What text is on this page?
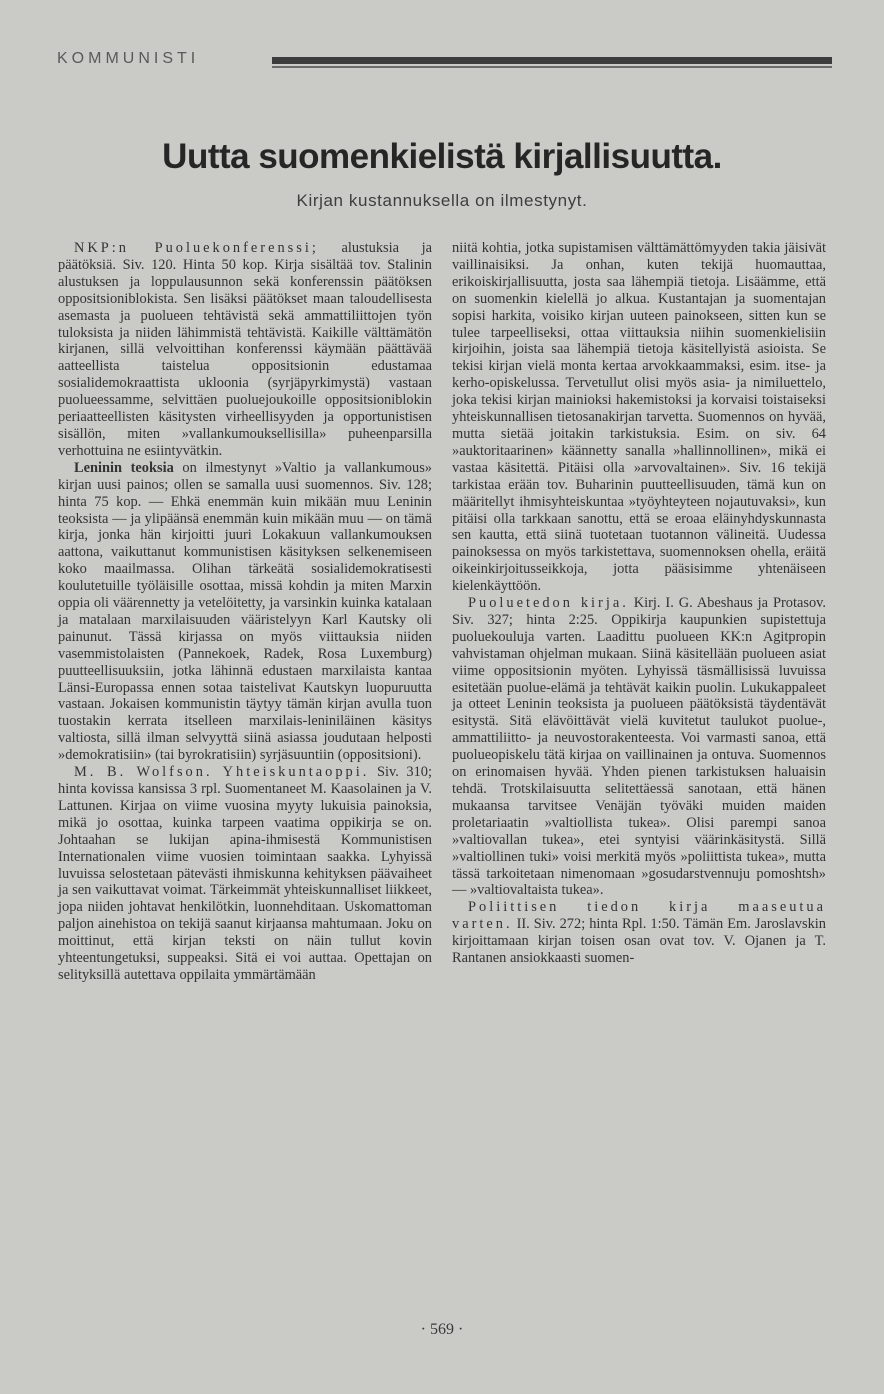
KOMMUNISTI
Uutta suomenkielistä kirjallisuutta.
Kirjan kustannuksella on ilmestynyt.

NKP:n Puoluekonferenssi; alustuksia ja päätöksiä. Siv. 120. Hinta 50 kop. Kirja sisältää tov. Stalinin alustuksen ja loppulausunnon sekä konferenssin päätöksen oppositsioniblokista. Sen lisäksi päätökset maan taloudellisesta asemasta ja puolueen tehtävistä sekä ammattiliittojen työn tuloksista ja niiden lähimmistä tehtävistä. Kaikille välttämätön kirjanen, sillä velvoittihan konferenssi käymään päättävää aatteellista taistelua oppositsionin edustamaa sosialidemokraattista ukloonia (syrjäpyrkimystä) vastaan puolueessamme, selvittäen puoluejoukoille oppositsioniblokin periaatteellisten käsitysten virheellisyyden ja opportunistisen sisällön, miten »vallankumouksellisilla» puheenparsilla verhottuina ne esiintyvätkin.

Leninin teoksia on ilmestynyt »Valtio ja vallankumous» kirjan uusi painos; ollen se samalla uusi suomennos. Siv. 128; hinta 75 kop. — Ehkä enemmän kuin mikään muu Leninin teoksista — ja ylipäänsä enemmän kuin mikään muu — on tämä kirja, jonka hän kirjoitti juuri Lokakuun vallankumouksen aattona, vaikuttanut kommunistisen käsityksen selkenemiseen koko maailmassa. Olihan tärkeätä sosialidemokratisesti koulutetuille työläisille osottaa, missä kohdin ja miten Marxin oppia oli väärennetty ja vetelöitetty, ja varsinkin kuinka katalaan ja matalaan marxilaisuuden vääristelyyn Karl Kautsky oli painunut. Tässä kirjassa on myös viittauksia niiden vasemmistolaisten (Pannekoek, Radek, Rosa Luxemburg) puutteellisuuksiin, jotka lähinnä edustaen marxilaista kantaa Länsi-Europassa ennen sotaa taistelivat Kautskyn luopuruutta vastaan. Jokaisen kommunistin täytyy tämän kirjan avulla tuon tuostakin kerrata itselleen marxilais-leniniläinen käsitys valtiosta, sillä ilman selvyyttä siinä asiassa joudutaan helposti »demokratisiin» (tai byrokratisiin) syrjäsuuntiin (oppositsioni).

M. B. Wolfson. Yhteiskuntaoppi. Siv. 310; hinta kovissa kansissa 3 rpl. Suomentaneet M. Kaasolainen ja V. Lattunen. Kirjaa on viime vuosina myyty lukuisia painoksia, mikä jo osottaa, kuinka tarpeen vaatima oppikirja se on. Johtaahan se lukijan apina-ihmisestä Kommunistisen Internationalen viime vuosien toimintaan saakka. Lyhyissä luvuissa selostetaan pätevästi ihmiskunna kehityksen päävaiheet ja sen vaikuttavat voimat. Tärkeimmät yhteiskunnalliset liikkeet, jopa niiden johtavat henkilötkin, luonnehditaan. Uskomattoman paljon ainehistoa on tekijä saanut kirjaansa mahtumaan. Joku on moittinut, että kirjan teksti on näin tullut kovin yhteentungetuksi, suppeaksi. Sitä ei voi auttaa. Opettajan on selityksillä autettava oppilaita ymmärtämään

niitä kohtia, jotka supistamisen välttämättömyyden takia jäisivät vaillinaisiksi. Ja onhan, kuten tekijä huomauttaa, erikoiskirjallisuutta, josta saa lähempiä tietoja. Lisäämme, että on suomenkin kielellä jo alkua. Kustantajan ja suomentajan sopisi harkita, voisiko kirjan uuteen painokseen, sitten kun se tulee tarpeelliseksi, ottaa viittauksia niihin suomenkielisiin kirjoihin, joista saa lähempiä tietoja käsitellyistä asioista. Se tekisi kirjan vielä monta kertaa arvokkaammaksi, esim. itse- ja kerho-opiskelussa. Tervetullut olisi myös asia- ja nimiluettelo, joka tekisi kirjan mainioksi hakemistoksi ja korvaisi toistaiseksi yhteiskunnallisen tietosanakirjan tarvetta. Suomennos on hyvää, mutta sietää joitakin tarkistuksia. Esim. on siv. 64 »auktoritaarinen» käännetty sanalla »hallinnollinen», mikä ei vastaa käsitettä. Pitäisi olla »arvovaltainen». Siv. 16 tekijä tarkistaa erään tov. Buharinin puutteellisuuden, tämä kun on määritellyt ihmisyhteiskuntaa »työyhteyteen nojautuvaksi», kun pitäisi olla tarkkaan sanottu, että se eroaa eläinyhdyskunnasta sen kautta, että siinä tuotetaan tuotannon välineitä. Uudessa painoksessa on myös tarkistettava, suomennoksen ohella, eräitä oikeinkirjoitusseikkoja, jotta pääsisimme yhtenäiseen kielenkäyttöön.

Puoluetedon kirja. Kirj. I. G. Abeshaus ja Protasov. Siv. 327; hinta 2:25. Oppikirja kaupunkien supistettuja puoluekouluja varten. Laadittu puolueen KK:n Agitpropin vahvistaman ohjelman mukaan. Siinä käsitellään puolueen asiat viime oppositsionin myöten. Lyhyissä täsmällisissä luvuissa esitetään puolue-elämä ja tehtävät kaikin puolin. Lukukappaleet ja otteet Leninin teoksista ja puolueen päätöksistä täydentävät esitystä. Sitä elävöittävät vielä kuvitetut taulukot puolue-, ammattiliitto- ja neuvostorakenteesta. Voi varmasti sanoa, että puolueopiskelu tätä kirjaa on vaillinainen ja ontuva. Suomennos on erinomaisen hyvää. Yhden pienen tarkistuksen haluaisin tehdä. Trotskilaisuutta selitettäessä sanotaan, että hänen mukaansa tarvitsee Venäjän työväki muiden maiden proletariaatin »valtiollista tukea». Olisi parempi sanoa »valtiovallan tukea», etei syntyisi väärinkäsitystä. Sillä »valtiollinen tuki» voisi merkitä myös »poliittista tukea», mutta tässä tarkoitetaan nimenomaan »gosudarstvennuju pomoshtsh» — »valtiovaltaista tukea».

Poliittisen tiedon kirja maaseutua varten. II. Siv. 272; hinta Rpl. 1:50. Tämän Em. Jaroslavskin kirjoittamaan kirjan toisen osan ovat tov. V. Ojanen ja T. Rantanen ansiokkaasti suomen-

· 569 ·
